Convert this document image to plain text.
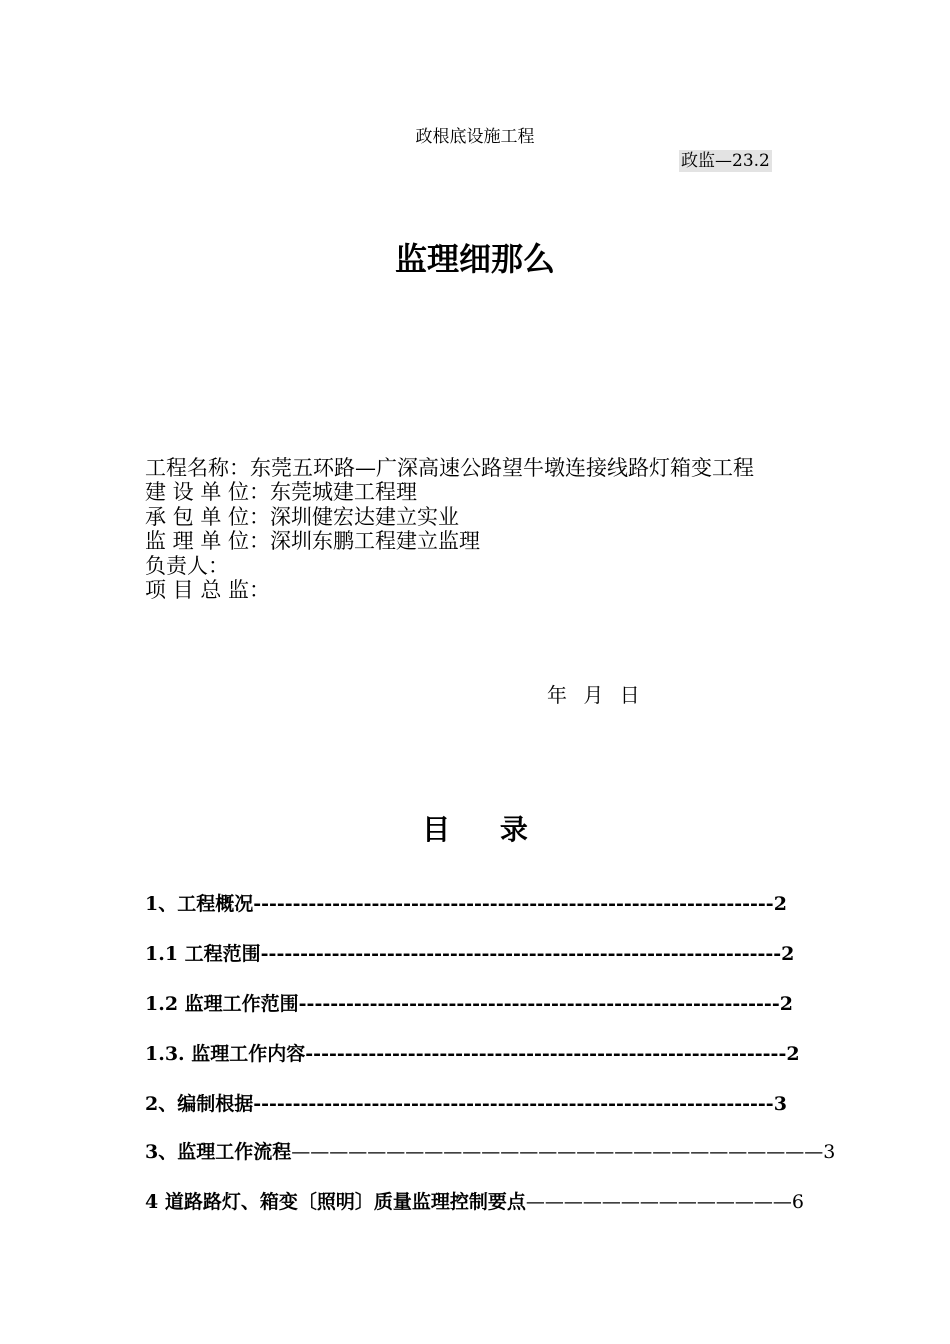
政根底设施工程
政监—23.2
监理细那么
工程名称：东莞五环路—广深高速公路望牛墩连接线路灯箱变工程
建 设 单 位：东莞城建工程理
承 包 单 位：深圳健宏达建立实业
监 理 单 位：深圳东鹏工程建立监理
负责人：
项 目 总 监：
年 月 日
目 录
1、工程概况------------------------------------------------------------------2
1.1 工程范围------------------------------------------------------------------2
1.2 监理工作范围-------------------------------------------------------------2
1.3. 监理工作内容-------------------------------------------------------------2
2、编制根据------------------------------------------------------------------3
3、监理工作流程————————————————————————————3
4 道路路灯、箱变〔照明〕质量监理控制要点——————————————6
